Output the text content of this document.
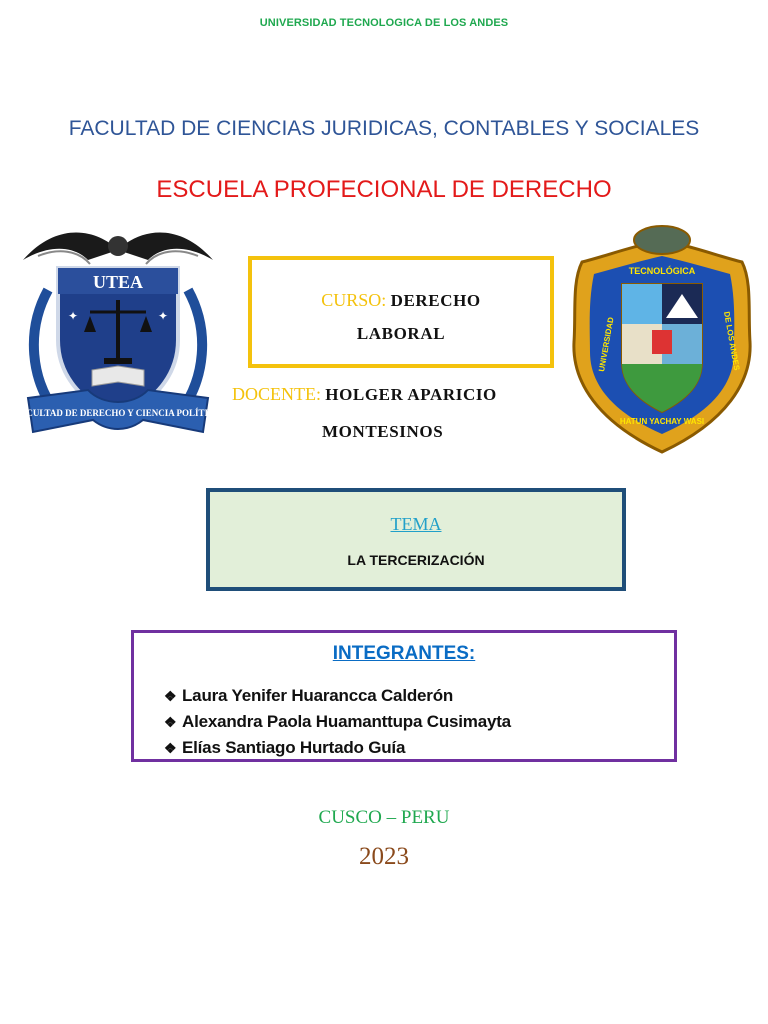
UNIVERSIDAD TECNOLOGICA DE LOS ANDES
FACULTAD DE CIENCIAS JURIDICAS, CONTABLES Y SOCIALES
ESCUELA PROFECIONAL DE DERECHO
UTEA
✦	✦
FACULTAD DE DERECHO Y CIENCIA POLÍTICA
UNIVERSIDAD
TECNOLÓGICA
DE LOS ANDES
HATUN YACHAY WASI
CURSO: DERECHO
LABORAL
DOCENTE: HOLGER APARICIO
MONTESINOS
TEMA
LA TERCERIZACIÓN
INTEGRANTES:
❖ Laura Yenifer Huarancca Calderón
❖ Alexandra Paola Huamanttupa Cusimayta
❖ Elías Santiago Hurtado Guía
CUSCO – PERU
2023
